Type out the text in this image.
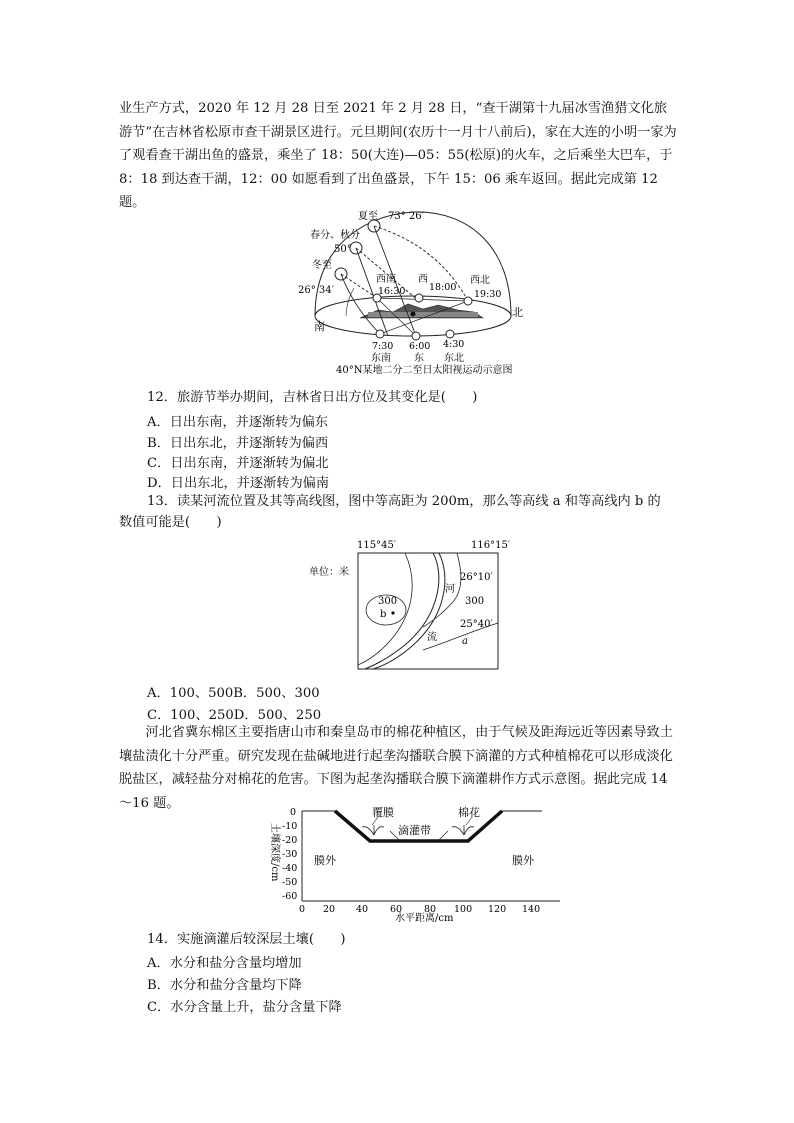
业生产方式，2020 年 12 月 28 日至 2021 年 2 月 28 日，“查干湖第十九届冰雪渔猎文化旅游节”在吉林省松原市查干湖景区进行。元旦期间(农历十一月十八前后)，家在大连的小明一家为了观看查干湖出鱼的盛景，乘坐了 18：50(大连)—05：55(松原)的火车，之后乘坐大巴车，于 8：18 到达查干湖，12：00 如愿看到了出鱼盛景，下午 15：06 乘车返回。据此完成第 12 题。
夏至 73° 26′
春分、秋分
50°
冬至
26° 34′
南
北
西南
16:30
西
18:00
西北
19:30
7:30 6:00 4:30
东南 东 东北
40°N某地二分二至日太阳视运动示意图
12．旅游节举办期间，吉林省日出方位及其变化是(　　)
A．日出东南，并逐渐转为偏东
B．日出东北，并逐渐转为偏西
C．日出东南，并逐渐转为偏北
D．日出东北，并逐渐转为偏南
13．读某河流位置及其等高线图，图中等高距为 200m，那么等高线 a 和等高线内 b 的
数值可能是(　　)
115°45′	116°15′
单位：米
300
b
26°10′
300
河
流
25°40′
a
A．100、500B．500、300
C．100、250D．500、250
河北省冀东棉区主要指唐山市和秦皇岛市的棉花种植区，由于气候及距海远近等因素导致土壤盐渍化十分严重。研究发现在盐碱地进行起垄沟播联合膜下滴灌的方式种植棉花可以形成淡化脱盐区，减轻盐分对棉花的危害。下图为起垄沟播联合膜下滴灌耕作方式示意图。据此完成 14～16 题。
土壤深度/cm
0
-10
-20
-30
-40
-50
-60
0 20 40 60 80 100 120 140
水平距离/cm
覆膜	棉花
滴灌带
膜外	膜外
14．实施滴灌后较深层土壤(　　)
A．水分和盐分含量均增加
B．水分和盐分含量均下降
C．水分含量上升，盐分含量下降
